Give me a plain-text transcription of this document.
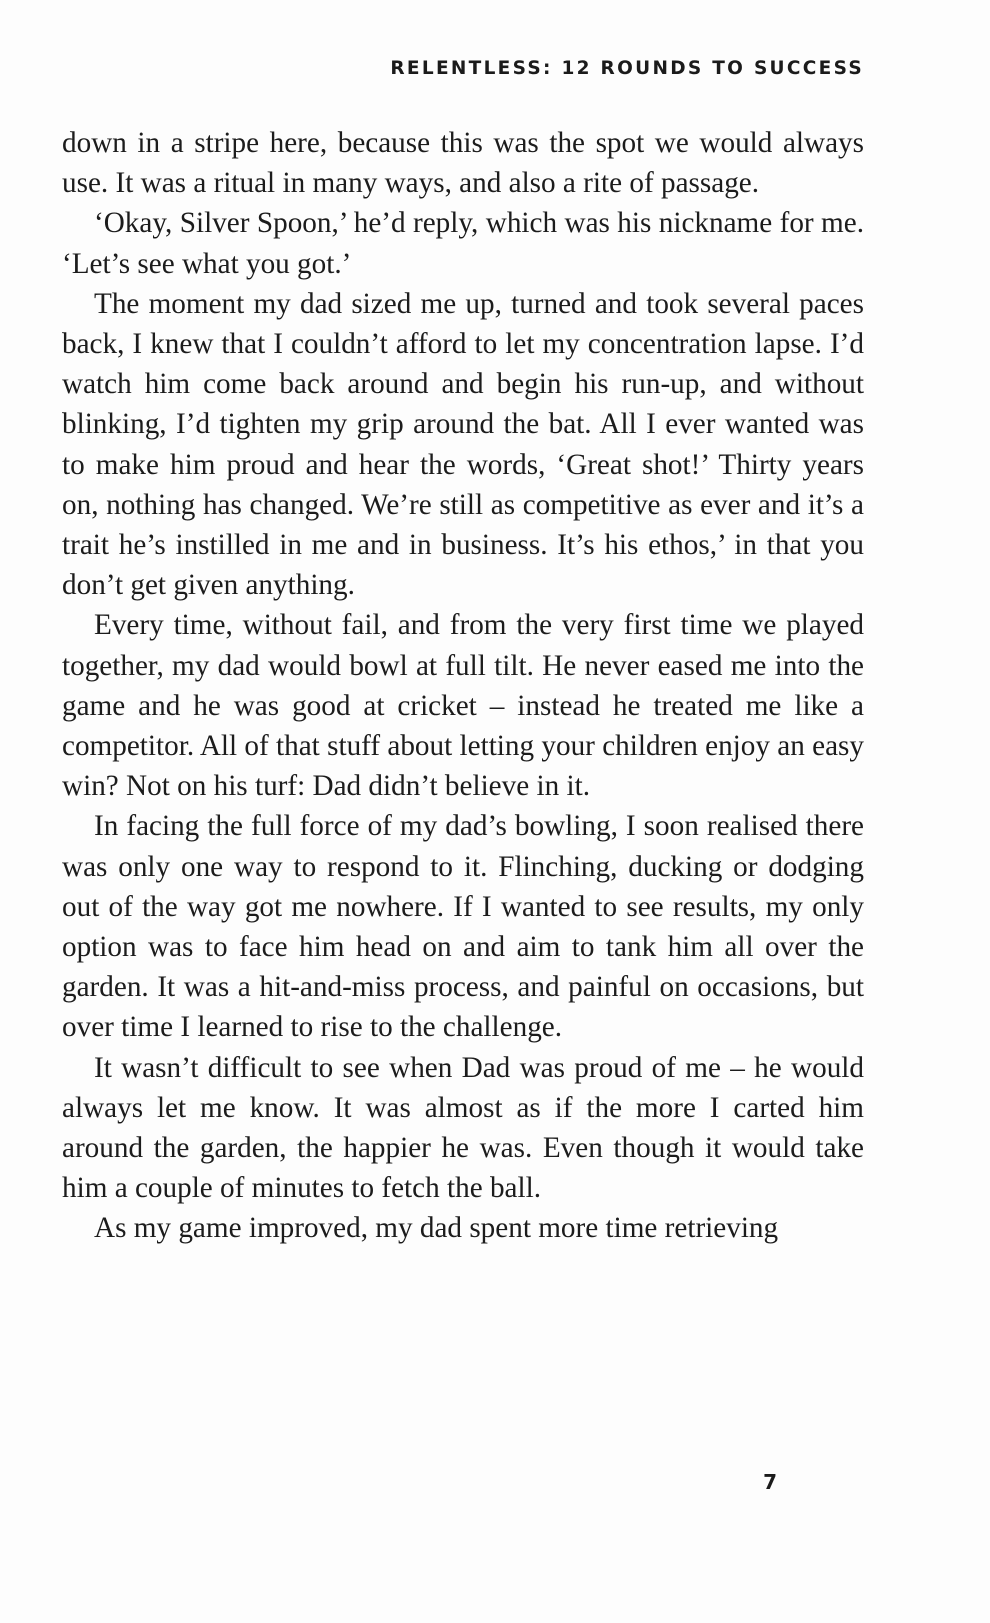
RELENTLESS: 12 ROUNDS TO SUCCESS

down in a stripe here, because this was the spot we would always use. It was a ritual in many ways, and also a rite of passage.

‘Okay, Silver Spoon,’ he’d reply, which was his nickname for me. ‘Let’s see what you got.’

The moment my dad sized me up, turned and took several paces back, I knew that I couldn’t afford to let my concentration lapse. I’d watch him come back around and begin his run-up, and without blinking, I’d tighten my grip around the bat. All I ever wanted was to make him proud and hear the words, ‘Great shot!’ Thirty years on, nothing has changed. We’re still as competitive as ever and it’s a trait he’s instilled in me and in business. It’s his ethos,’ in that you don’t get given anything.

Every time, without fail, and from the very first time we played together, my dad would bowl at full tilt. He never eased me into the game and he was good at cricket – instead he treated me like a competitor. All of that stuff about letting your children enjoy an easy win? Not on his turf: Dad didn’t believe in it.

In facing the full force of my dad’s bowling, I soon realised there was only one way to respond to it. Flinching, ducking or dodging out of the way got me nowhere. If I wanted to see results, my only option was to face him head on and aim to tank him all over the garden. It was a hit-and-miss process, and painful on occasions, but over time I learned to rise to the challenge.

It wasn’t difficult to see when Dad was proud of me – he would always let me know. It was almost as if the more I carted him around the garden, the happier he was. Even though it would take him a couple of minutes to fetch the ball.

As my game improved, my dad spent more time retrieving

7
